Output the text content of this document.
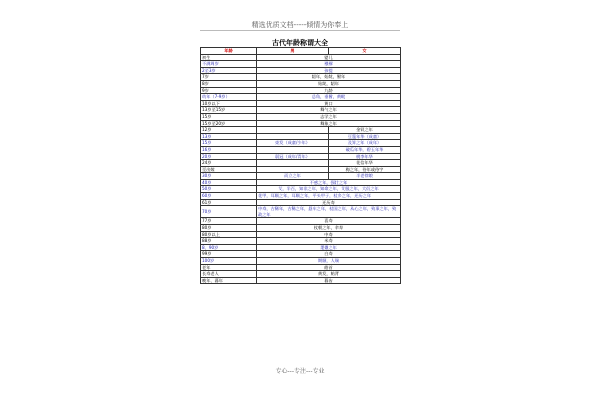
精选优质文档-----倾情为你奉上
古代年龄称谓大全
年龄	男	女
初生	婴儿	
不满周岁	襁褓	
2至3岁	孩提	
7岁	龆年，始龀，髫年	
8岁	始龀，龆年	
9岁	九龄	
幼年（7-9岁）	总角，垂髫，黄毗	
10岁以下	黄口	
13岁至15岁	舞勺之年	
15岁	志学之年	
15岁至20岁	舞象之年	
12岁		金钗之年
13岁		豆蔻年华（成童）
15岁	束发（成童/少年）	及笄之年（成年）
16岁		破瓜年华，碧玉年华
20岁	弱冠（成年/青年）	桃李年华
24岁		花信年华
至出嫁		梅之年，待年或待字
30岁	而立之年	半老徐娘
40岁	不惑之年，强壮之年	
50岁	艾，半百，知非之年，知命之年，艾服之年，大衍之年	
60岁	花甲，耳顺之年，耳顺之年，平头甲子，杖乡之年，还历之年	
61岁	还历寿	
70岁	中寿，古稀年，古稀之年，悬车之年，杖国之年，从心之年，致事之年，致政之年	
77岁	喜寿	
80岁	杖朝之年，伞寿	
80岁以上	中寿	
88岁	米寿	
8、90岁	耄耋之年	
99岁	白寿	
100岁	期颐，人瑞	
老年	皓首	
长寿老人	黄发，鲐背	
晚年、暮年	暮齿	
专心---专注---专业
